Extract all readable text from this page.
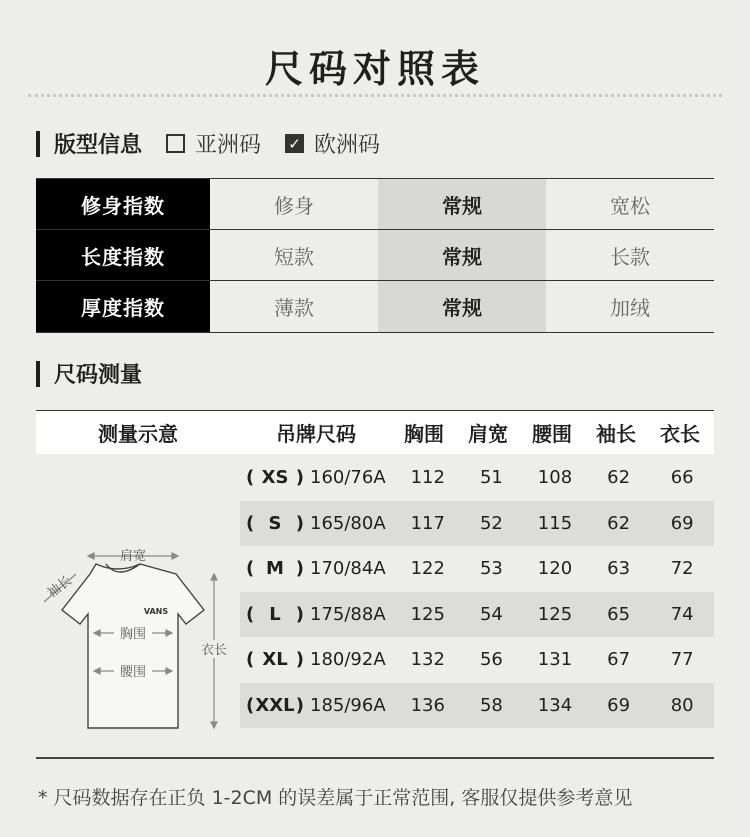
尺码对照表
版型信息 亚洲码 ✓ 欧洲码
修身指数	修身	常规	宽松
长度指数	短款	常规	长款
厚度指数	薄款	常规	加绒
尺码测量
测量示意	吊牌尺码	胸围	肩宽	腰围	袖长	衣长
( XS ) 160/76A	112	51	108	62	66
( S ) 165/80A	117	52	115	62	69
( M ) 170/84A	122	53	120	63	72
( L ) 175/88A	125	54	125	65	74
( XL ) 180/92A	132	56	131	67	77
( XXL ) 185/96A	136	58	134	69	80
肩宽
袖长
VANS
胸围
腰围
衣长
* 尺码数据存在正负 1-2CM 的误差属于正常范围, 客服仅提供参考意见
